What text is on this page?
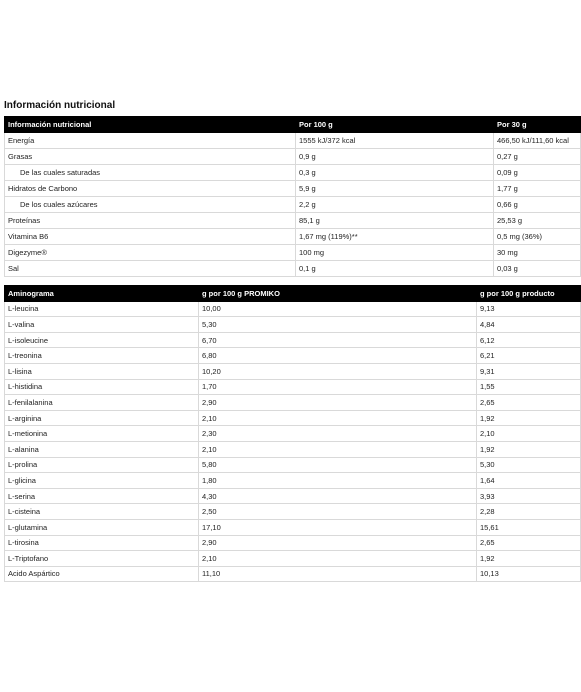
Información nutricional
Información nutricional	Por 100 g	Por 30 g
Energía	1555 kJ/372 kcal	466,50 kJ/111,60 kcal
Grasas	0,9 g	0,27 g
De las cuales saturadas	0,3 g	0,09 g
Hidratos de Carbono	5,9 g	1,77 g
De los cuales azúcares	2,2 g	0,66 g
Proteínas	85,1 g	25,53 g
Vitamina B6	1,67 mg (119%)**	0,5 mg (36%)
Digezyme®	100 mg	30 mg
Sal	0,1 g	0,03 g
Aminograma	g por 100 g PROMIKO	g por 100 g producto
L-leucina	10,00	9,13
L-valina	5,30	4,84
L-isoleucine	6,70	6,12
L-treonina	6,80	6,21
L-lisina	10,20	9,31
L-histidina	1,70	1,55
L-fenilalanina	2,90	2,65
L-arginina	2,10	1,92
L-metionina	2,30	2,10
L-alanina	2,10	1,92
L-prolina	5,80	5,30
L-glicina	1,80	1,64
L-serina	4,30	3,93
L-cisteina	2,50	2,28
L-glutamina	17,10	15,61
L-tirosina	2,90	2,65
L-Triptofano	2,10	1,92
Acido Aspártico	11,10	10,13
